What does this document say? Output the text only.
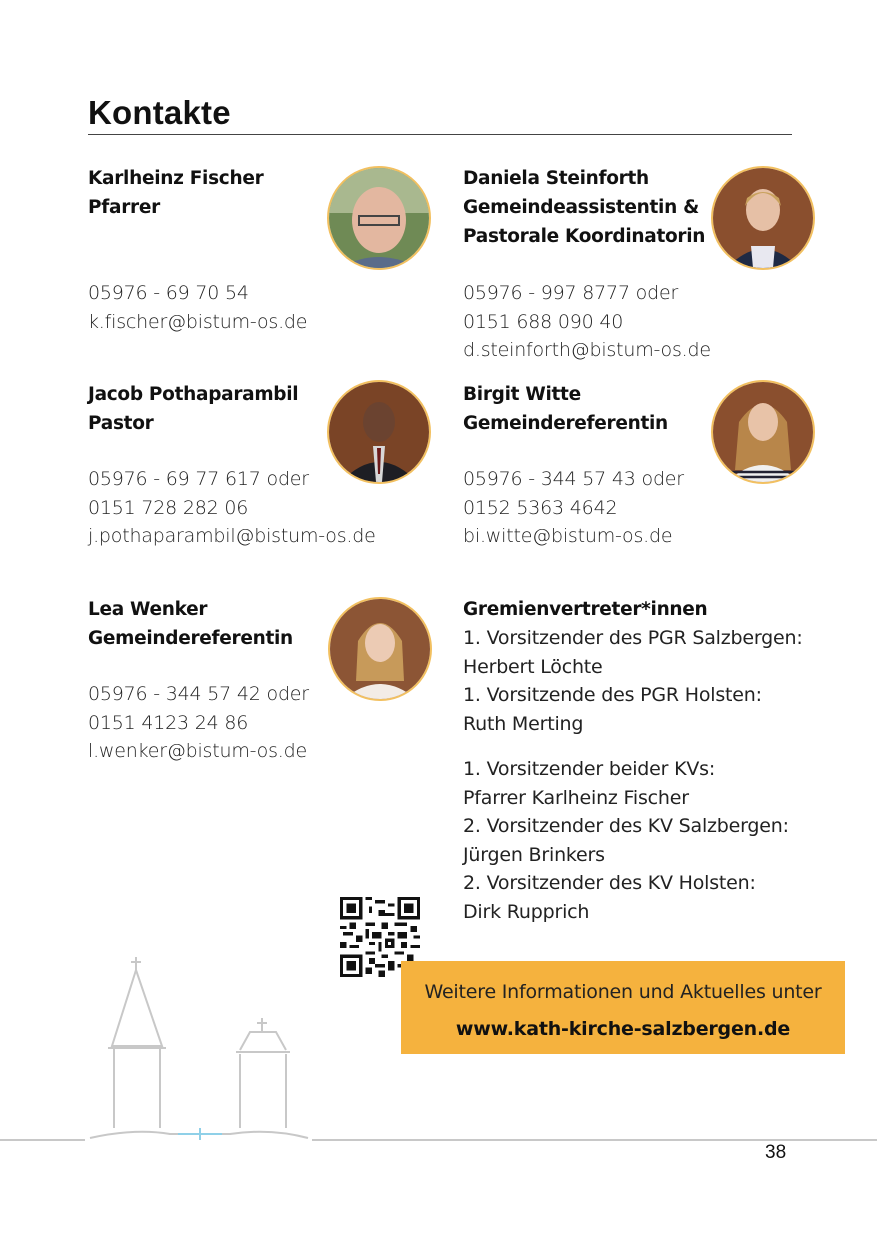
Kontakte
Karlheinz Fischer
Pfarrer
05976 - 69 70 54
k.fischer@bistum-os.de
Daniela Steinforth
Gemeindeassistentin &
Pastorale Koordinatorin
05976 - 997 8777 oder
0151 688 090 40
d.steinforth@bistum-os.de
Jacob Pothaparambil
Pastor
05976 - 69 77 617 oder
0151 728 282 06
j.pothaparambil@bistum-os.de
Birgit Witte
Gemeindereferentin
05976 - 344 57 43 oder
0152 5363 4642
bi.witte@bistum-os.de
Lea Wenker
Gemeindereferentin
05976 - 344 57 42 oder
0151 4123 24 86
l.wenker@bistum-os.de
Gremienvertreter*innen
1. Vorsitzender des PGR Salzbergen:
Herbert Löchte
1. Vorsitzende des PGR Holsten:
Ruth Merting
1. Vorsitzender beider KVs:
Pfarrer Karlheinz Fischer
2. Vorsitzender des KV Salzbergen:
Jürgen Brinkers
2. Vorsitzender des KV Holsten:
Dirk Rupprich
Weitere Informationen und Aktuelles unter
www.kath-kirche-salzbergen.de
38
